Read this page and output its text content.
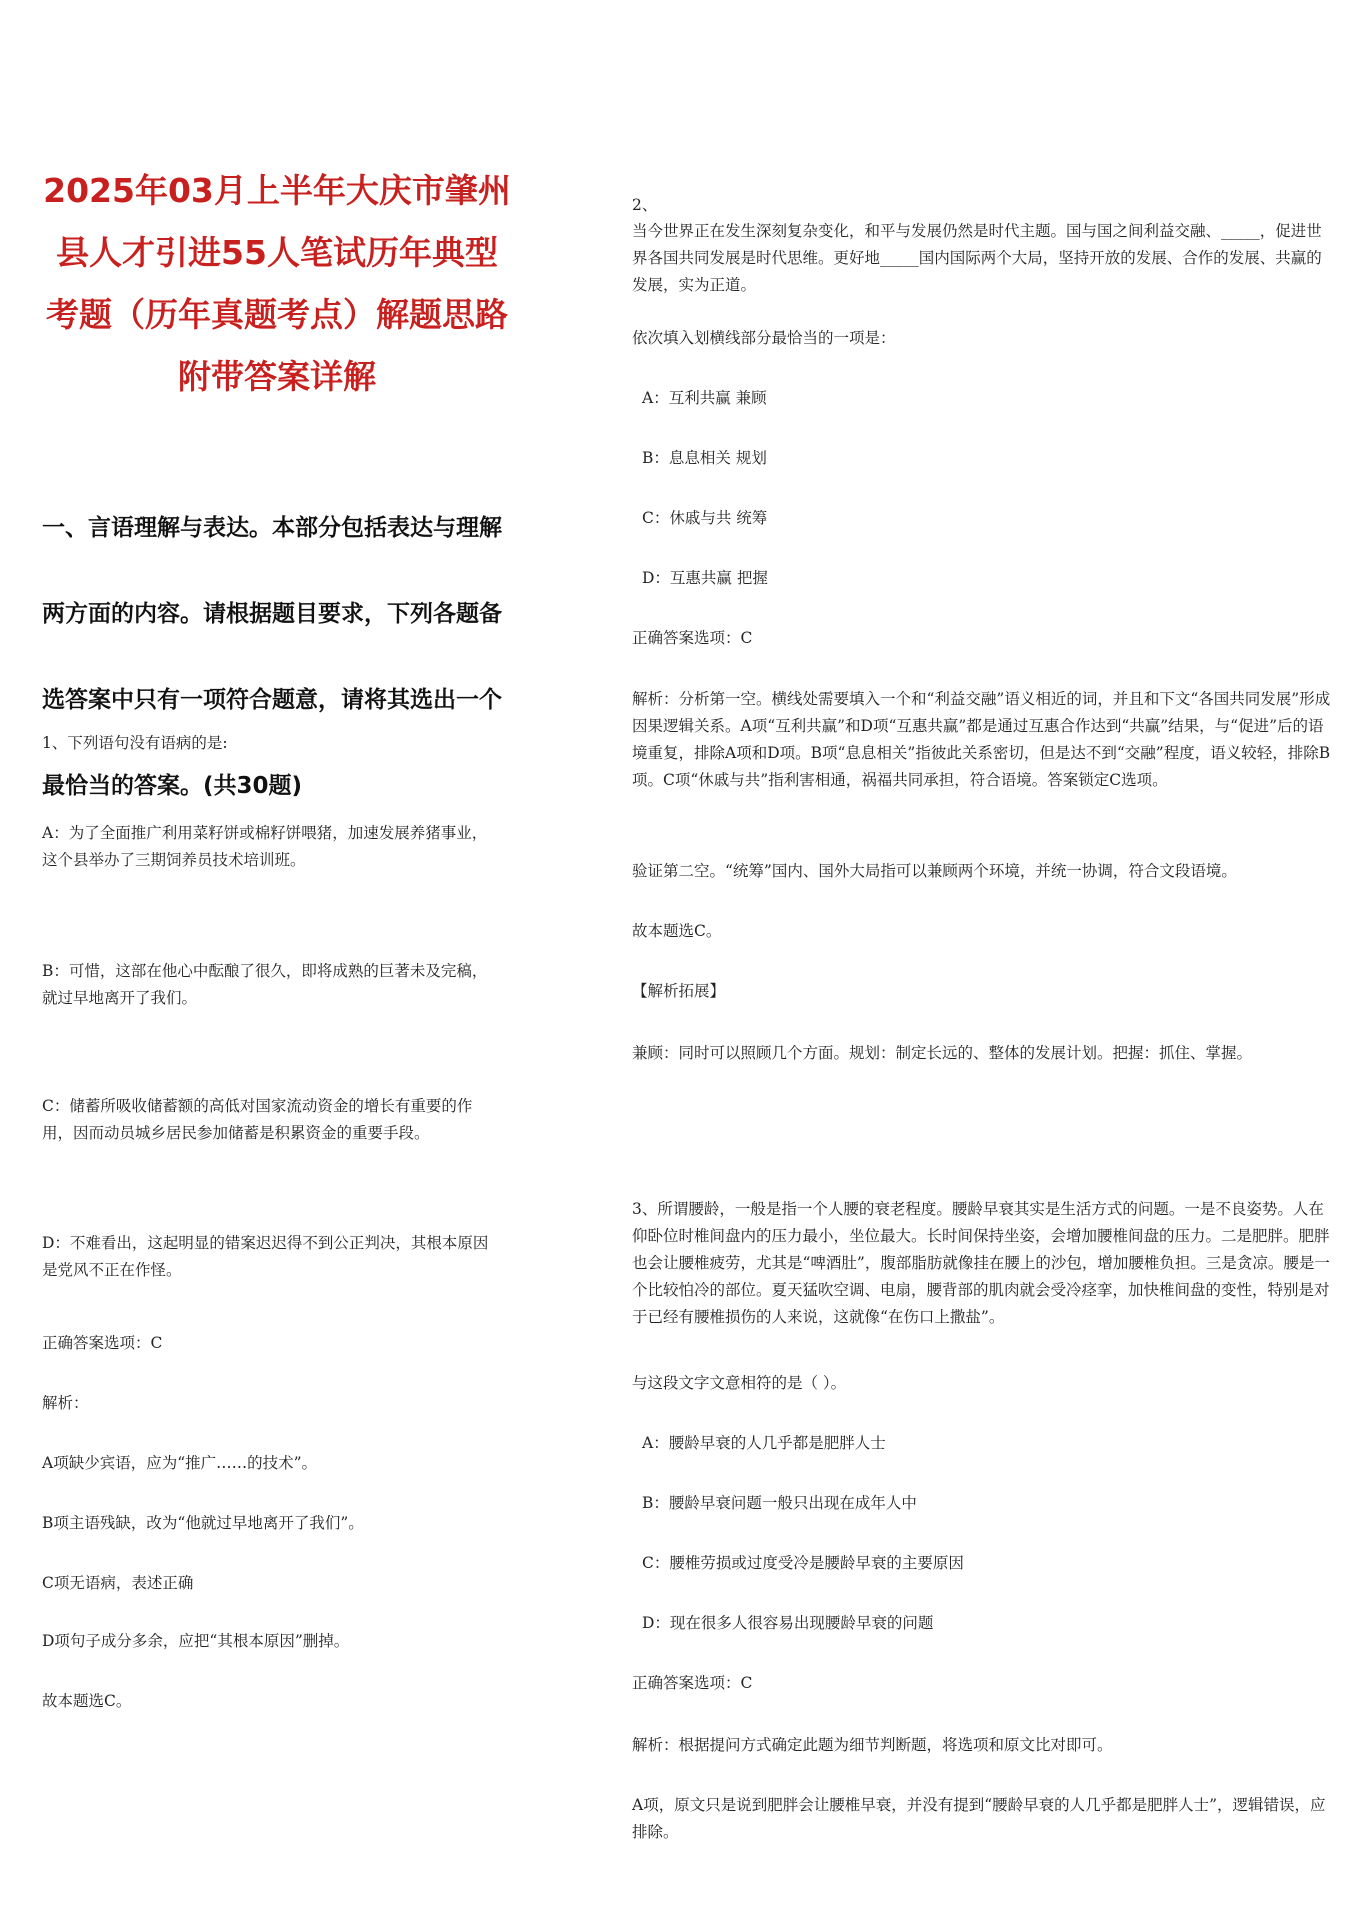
2025年03月上半年大庆市肇州县人才引进55人笔试历年典型考题（历年真题考点）解题思路附带答案详解

一、言语理解与表达。本部分包括表达与理解两方面的内容。请根据题目要求，下列各题备选答案中只有一项符合题意，请将其选出一个最恰当的答案。(共30题)

1、下列语句没有语病的是:

A：为了全面推广利用菜籽饼或棉籽饼喂猪，加速发展养猪事业，这个县举办了三期饲养员技术培训班。

B：可惜，这部在他心中酝酿了很久，即将成熟的巨著未及完稿，就过早地离开了我们。

C：储蓄所吸收储蓄额的高低对国家流动资金的增长有重要的作用，因而动员城乡居民参加储蓄是积累资金的重要手段。

D：不难看出，这起明显的错案迟迟得不到公正判决，其根本原因是党风不正在作怪。

正确答案选项：C

解析：

A项缺少宾语，应为“推广……的技术”。

B项主语残缺，改为“他就过早地离开了我们”。

C项无语病，表述正确

D项句子成分多余，应把“其根本原因”删掉。

故本题选C。

2、

当今世界正在发生深刻复杂变化，和平与发展仍然是时代主题。国与国之间利益交融、_____，促进世界各国共同发展是时代思维。更好地_____国内国际两个大局，坚持开放的发展、合作的发展、共赢的发展，实为正道。

依次填入划横线部分最恰当的一项是：

A：互利共赢 兼顾

B：息息相关 规划

C：休戚与共 统筹

D：互惠共赢 把握

正确答案选项：C

解析：分析第一空。横线处需要填入一个和“利益交融”语义相近的词，并且和下文“各国共同发展”形成因果逻辑关系。A项“互利共赢”和D项“互惠共赢”都是通过互惠合作达到“共赢”结果，与“促进”后的语境重复，排除A项和D项。B项“息息相关”指彼此关系密切，但是达不到“交融”程度，语义较轻，排除B项。C项“休戚与共”指利害相通，祸福共同承担，符合语境。答案锁定C选项。

验证第二空。“统筹”国内、国外大局指可以兼顾两个环境，并统一协调，符合文段语境。

故本题选C。

【解析拓展】

兼顾：同时可以照顾几个方面。规划：制定长远的、整体的发展计划。把握：抓住、掌握。

3、所谓腰龄，一般是指一个人腰的衰老程度。腰龄早衰其实是生活方式的问题。一是不良姿势。人在仰卧位时椎间盘内的压力最小，坐位最大。长时间保持坐姿，会增加腰椎间盘的压力。二是肥胖。肥胖也会让腰椎疲劳，尤其是“啤酒肚”，腹部脂肪就像挂在腰上的沙包，增加腰椎负担。三是贪凉。腰是一个比较怕冷的部位。夏天猛吹空调、电扇，腰背部的肌肉就会受冷痉挛，加快椎间盘的变性，特别是对于已经有腰椎损伤的人来说，这就像“在伤口上撒盐”。

与这段文字文意相符的是（ ）。

A：腰龄早衰的人几乎都是肥胖人士

B：腰龄早衰问题一般只出现在成年人中

C：腰椎劳损或过度受冷是腰龄早衰的主要原因

D：现在很多人很容易出现腰龄早衰的问题

正确答案选项：C

解析：根据提问方式确定此题为细节判断题，将选项和原文比对即可。

A项，原文只是说到肥胖会让腰椎早衰，并没有提到“腰龄早衰的人几乎都是肥胖人士”，逻辑错误，应排除。
